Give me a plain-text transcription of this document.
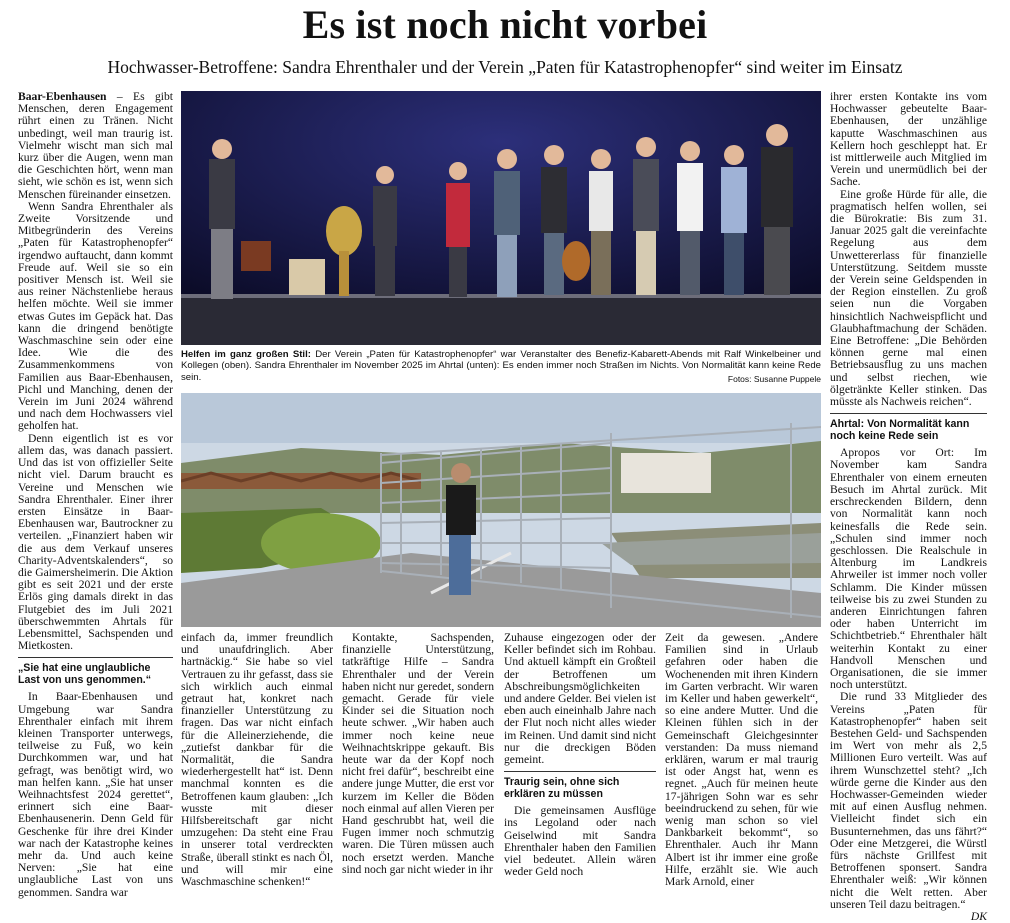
Es ist noch nicht vorbei
Hochwasser-Betroffene: Sandra Ehrenthaler und der Verein „Paten für Katastrophenopfer“ sind weiter im Einsatz

Baar-Ebenhausen – Es gibt Menschen, deren Engagement rührt einen zu Tränen. Nicht unbedingt, weil man traurig ist. Vielmehr wischt man sich mal kurz über die Augen, wenn man die Geschichten hört, wenn man sieht, wie schön es ist, wenn sich Menschen füreinander einsetzen.

Wenn Sandra Ehrenthaler als Zweite Vorsitzende und Mitbegründerin des Vereins „Paten für Katastrophenopfer“ irgendwo auftaucht, dann kommt Freude auf. Weil sie so ein positiver Mensch ist. Weil sie aus reiner Nächstenliebe heraus helfen möchte. Weil sie immer etwas Gutes im Gepäck hat. Das kann die dringend benötigte Waschmaschine sein oder eine Idee. Wie die des Zusammenkommens von Familien aus Baar-Ebenhausen, Pichl und Manching, denen der Verein im Juni 2024 während und nach dem Hochwassers viel geholfen hat.

Denn eigentlich ist es vor allem das, was danach passiert. Und das ist von offizieller Seite nicht viel. Darum braucht es Vereine und Menschen wie Sandra Ehrenthaler. Einer ihrer ersten Einsätze in Baar-Ebenhausen war, Bautrockner zu verteilen. „Finanziert haben wir die aus dem Verkauf unseres Charity-Adventskalenders“, so die Gaimersheimerin. Die Aktion gibt es seit 2021 und der erste Erlös ging damals direkt in das Flutgebiet des im Juli 2021 überschwemmten Ahrtals für Lebensmittel, Sachspenden und Mietkosten.

„Sie hat eine unglaubliche Last von uns genommen.“

In Baar-Ebenhausen und Umgebung war Sandra Ehrenthaler einfach mit ihrem kleinen Transporter unterwegs, teilweise zu Fuß, wo kein Durchkommen war, und hat gefragt, was benötigt wird, wo man helfen kann. „Sie hat unser Weihnachtsfest 2024 gerettet“, erinnert sich eine Baar-Ebenhausenerin. Denn Geld für Geschenke für ihre drei Kinder war nach der Katastrophe keines mehr da. Und auch keine Nerven: „Sie hat eine unglaubliche Last von uns genommen. Sandra war

Helfen im ganz großen Stil: Der Verein „Paten für Katastrophenopfer“ war Veranstalter des Benefiz-Kabarett-Abends mit Ralf Winkelbeiner und Kollegen (oben). Sandra Ehrenthaler im November 2025 im Ahrtal (unten): Es enden immer noch Straßen im Nichts. Von Normalität kann keine Rede sein.	Fotos: Susanne Puppele

einfach da, immer freundlich und unaufdringlich. Aber hartnäckig.“ Sie habe so viel Vertrauen zu ihr gefasst, dass sie sich wirklich auch einmal getraut hat, konkret nach finanzieller Unterstützung zu fragen. Das war nicht einfach für die Alleinerziehende, die „zutiefst dankbar für die Normalität, die Sandra wiederhergestellt hat“ ist. Denn manchmal konnten es die Betroffenen kaum glauben: „Ich wusste mit dieser Hilfsbereitschaft gar nicht umzugehen: Da steht eine Frau in unserer total verdreckten Straße, überall stinkt es nach Öl, und will mir eine Waschmaschine schenken!“

Kontakte, Sachspenden, finanzielle Unterstützung, tatkräftige Hilfe – Sandra Ehrenthaler und der Verein haben nicht nur geredet, sondern gemacht. Gerade für viele Kinder sei die Situation noch heute schwer. „Wir haben auch immer noch keine neue Weihnachtskrippe gekauft. Bis heute war da der Kopf noch nicht frei dafür“, beschreibt eine andere junge Mutter, die erst vor kurzem im Keller die Böden noch einmal auf allen Vieren per Hand geschrubbt hat, weil die Fugen immer noch schmutzig waren. Die Türen müssen auch noch ersetzt werden. Manche sind noch gar nicht wieder in ihr

Zuhause eingezogen oder der Keller befindet sich im Rohbau. Und aktuell kämpft ein Großteil der Betroffenen um Abschreibungsmöglichkeiten und andere Gelder. Bei vielen ist eben auch eineinhalb Jahre nach der Flut noch nicht alles wieder im Reinen. Und damit sind nicht nur die dreckigen Böden gemeint.

Traurig sein, ohne sich erklären zu müssen

Die gemeinsamen Ausflüge ins Legoland oder nach Geiselwind mit Sandra Ehrenthaler haben den Familien viel bedeutet. Allein wären weder Geld noch

Zeit da gewesen. „Andere Familien sind in Urlaub gefahren oder haben die Wochenenden mit ihren Kindern im Garten verbracht. Wir waren im Keller und haben gewerkelt“, so eine andere Mutter. Und die Kleinen fühlen sich in der Gemeinschaft Gleichgesinnter verstanden: Da muss niemand erklären, warum er mal traurig ist oder Angst hat, wenn es regnet. „Auch für meinen heute 17-jährigen Sohn war es sehr beeindruckend zu sehen, für wie wenig man schon so viel Dankbarkeit bekommt“, so Ehrenthaler. Auch ihr Mann Albert ist ihr immer eine große Hilfe, erzählt sie. Wie auch Mark Arnold, einer

ihrer ersten Kontakte ins vom Hochwasser gebeutelte Baar-Ebenhausen, der unzählige kaputte Waschmaschinen aus Kellern hoch geschleppt hat. Er ist mittlerweile auch Mitglied im Verein und unermüdlich bei der Sache.

Eine große Hürde für alle, die pragmatisch helfen wollen, sei die Bürokratie: Bis zum 31. Januar 2025 galt die vereinfachte Regelung aus dem Unwettererlass für finanzielle Unterstützung. Seitdem musste der Verein seine Geldspenden in der Region einstellen. Zu groß seien nun die Vorgaben hinsichtlich Nachweispflicht und Glaubhaftmachung der Schäden. Eine Betroffene: „Die Behörden können gerne mal einen Betriebsausflug zu uns machen und selbst riechen, wie ölgetränkte Keller stinken. Das müsste als Nachweis reichen“.

Ahrtal: Von Normalität kann noch keine Rede sein

Apropos vor Ort: Im November kam Sandra Ehrenthaler von einem erneuten Besuch im Ahrtal zurück. Mit erschreckenden Bildern, denn von Normalität kann noch keinesfalls die Rede sein. „Schulen sind immer noch geschlossen. Die Realschule in Altenburg im Landkreis Ahrweiler ist immer noch voller Schlamm. Die Kinder müssen teilweise bis zu zwei Stunden zu anderen Einrichtungen fahren oder haben Unterricht im Schichtbetrieb.“ Ehrenthaler hält weiterhin Kontakt zu einer Handvoll Menschen und Organisationen, die sie immer noch unterstützt.

Die rund 33 Mitglieder des Vereins „Paten für Katastrophenopfer“ haben seit Bestehen Geld- und Sachspenden im Wert von mehr als 2,5 Millionen Euro verteilt. Was auf ihrem Wunschzettel steht? „Ich würde gerne die Kinder aus den Hochwasser-Gemeinden wieder mit auf einen Ausflug nehmen. Vielleicht findet sich ein Busunternehmen, das uns fährt?“ Oder eine Metzgerei, die Würstl fürs nächste Grillfest mit Betroffenen sponsert. Sandra Ehrenthaler weiß: „Wir können nicht die Welt retten. Aber unseren Teil dazu beitragen.“

DK
